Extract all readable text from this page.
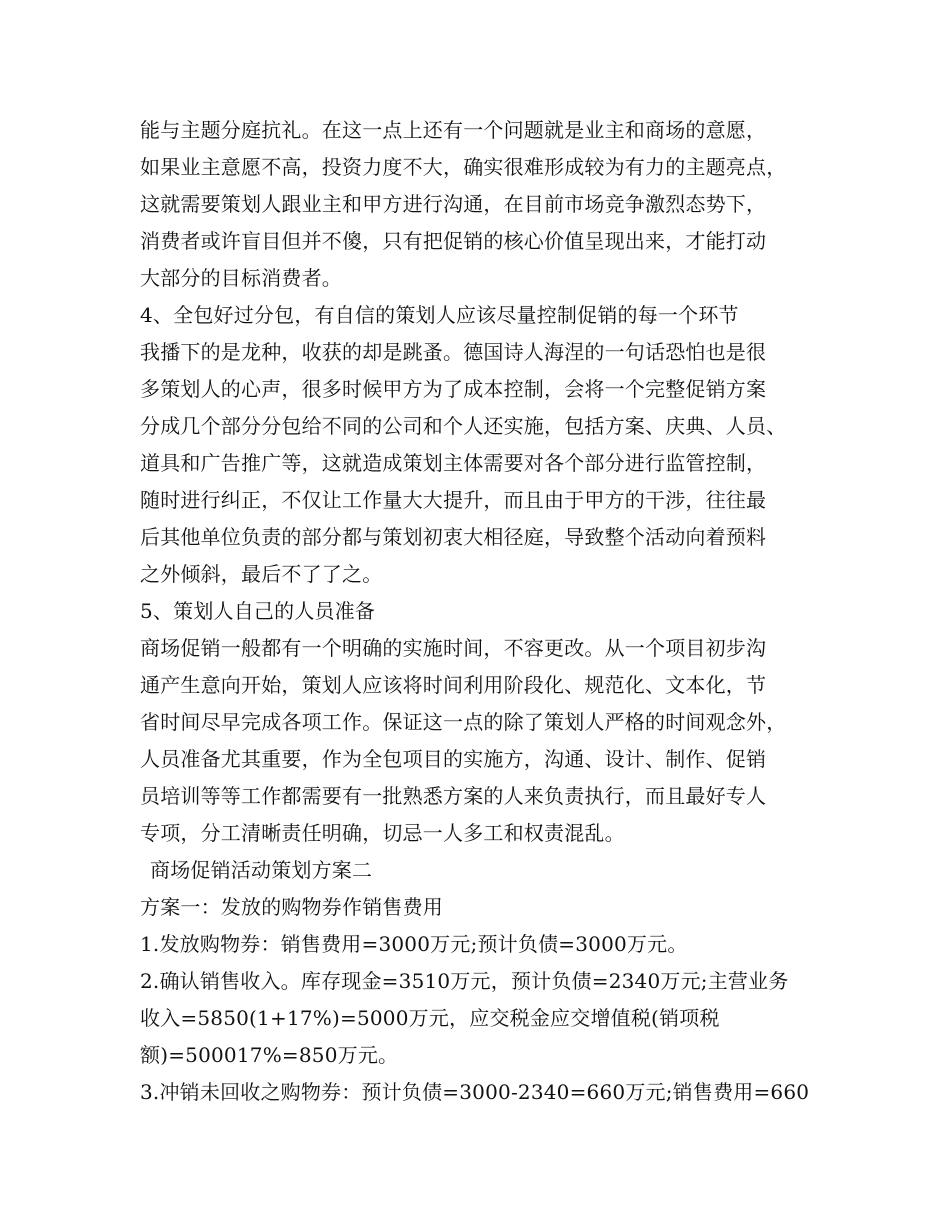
能与主题分庭抗礼。在这一点上还有一个问题就是业主和商场的意愿，
如果业主意愿不高，投资力度不大，确实很难形成较为有力的主题亮点，
这就需要策划人跟业主和甲方进行沟通，在目前市场竞争激烈态势下，
消费者或许盲目但并不傻，只有把促销的核心价值呈现出来，才能打动
大部分的目标消费者。
4、全包好过分包，有自信的策划人应该尽量控制促销的每一个环节
我播下的是龙种，收获的却是跳蚤。德国诗人海涅的一句话恐怕也是很
多策划人的心声，很多时候甲方为了成本控制，会将一个完整促销方案
分成几个部分分包给不同的公司和个人还实施，包括方案、庆典、人员、
道具和广告推广等，这就造成策划主体需要对各个部分进行监管控制，
随时进行纠正，不仅让工作量大大提升，而且由于甲方的干涉，往往最
后其他单位负责的部分都与策划初衷大相径庭，导致整个活动向着预料
之外倾斜，最后不了了之。
5、策划人自己的人员准备
商场促销一般都有一个明确的实施时间，不容更改。从一个项目初步沟
通产生意向开始，策划人应该将时间利用阶段化、规范化、文本化，节
省时间尽早完成各项工作。保证这一点的除了策划人严格的时间观念外，
人员准备尤其重要，作为全包项目的实施方，沟通、设计、制作、促销
员培训等等工作都需要有一批熟悉方案的人来负责执行，而且最好专人
专项，分工清晰责任明确，切忌一人多工和权责混乱。
商场促销活动策划方案二
方案一：发放的购物券作销售费用
1.发放购物券：销售费用=3000万元;预计负债=3000万元。
2.确认销售收入。库存现金=3510万元，预计负债=2340万元;主营业务
收入=5850(1+17%)=5000万元，应交税金应交增值税(销项税
额)=500017%=850万元。
3.冲销未回收之购物券：预计负债=3000-2340=660万元;销售费用=660
